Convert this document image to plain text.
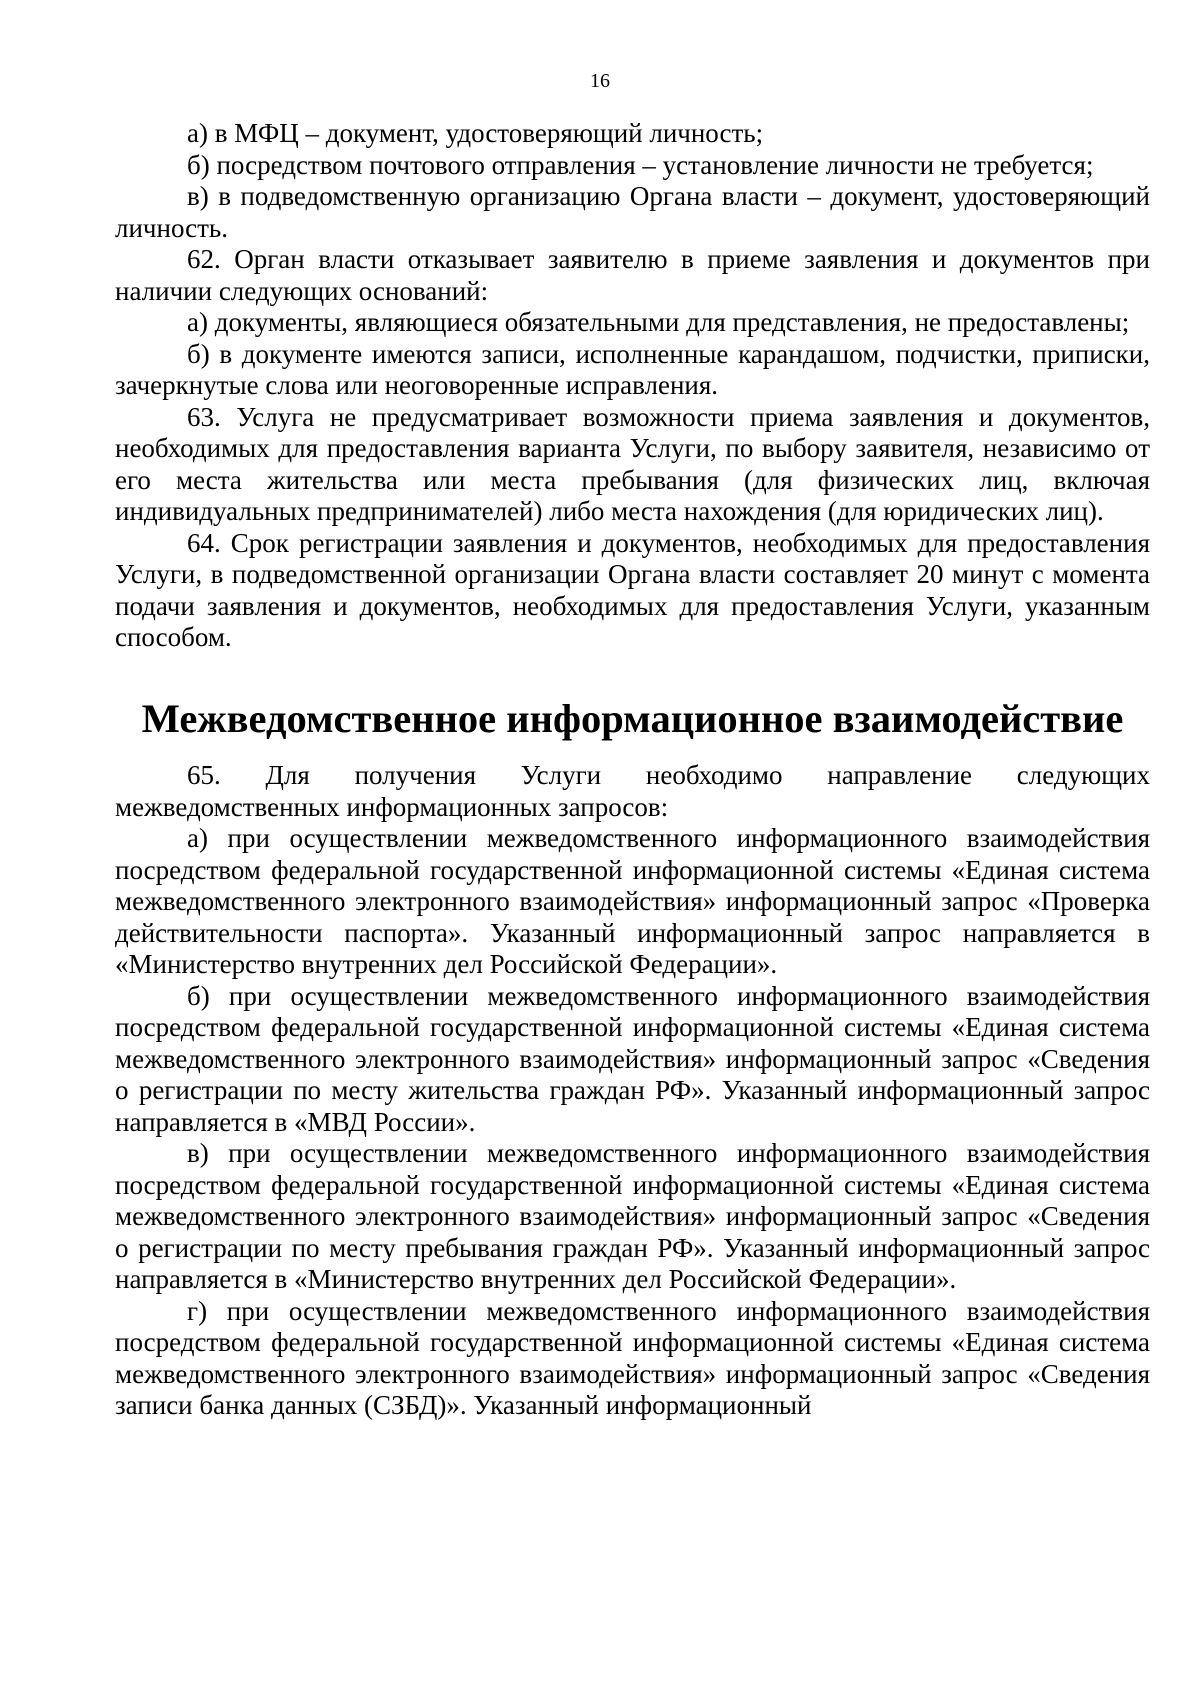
16

а) в МФЦ – документ, удостоверяющий личность;

б) посредством почтового отправления – установление личности не требуется;

в) в подведомственную организацию Органа власти – документ, удостоверяющий личность.

62. Орган власти отказывает заявителю в приеме заявления и документов при наличии следующих оснований:

а) документы, являющиеся обязательными для представления, не предоставлены;

б) в документе имеются записи, исполненные карандашом, подчистки, приписки, зачеркнутые слова или неоговоренные исправления.

63. Услуга не предусматривает возможности приема заявления и документов, необходимых для предоставления варианта Услуги, по выбору заявителя, независимо от его места жительства или места пребывания (для физических лиц, включая индивидуальных предпринимателей) либо места нахождения (для юридических лиц).

64. Срок регистрации заявления и документов, необходимых для предоставления Услуги, в подведомственной организации Органа власти составляет 20 минут с момента подачи заявления и документов, необходимых для предоставления Услуги, указанным способом.

Межведомственное информационное взаимодействие

65. Для получения Услуги необходимо направление следующих межведомственных информационных запросов:

а) при осуществлении межведомственного информационного взаимодействия посредством федеральной государственной информационной системы «Единая система межведомственного электронного взаимодействия» информационный запрос «Проверка действительности паспорта». Указанный информационный запрос направляется в «Министерство внутренних дел Российской Федерации».

б) при осуществлении межведомственного информационного взаимодействия посредством федеральной государственной информационной системы «Единая система межведомственного электронного взаимодействия» информационный запрос «Сведения о регистрации по месту жительства граждан РФ». Указанный информационный запрос направляется в «МВД России».

в) при осуществлении межведомственного информационного взаимодействия посредством федеральной государственной информационной системы «Единая система межведомственного электронного взаимодействия» информационный запрос «Сведения о регистрации по месту пребывания граждан РФ». Указанный информационный запрос направляется в «Министерство внутренних дел Российской Федерации».

г) при осуществлении межведомственного информационного взаимодействия посредством федеральной государственной информационной системы «Единая система межведомственного электронного взаимодействия» информационный запрос «Сведения записи банка данных (СЗБД)». Указанный информационный
